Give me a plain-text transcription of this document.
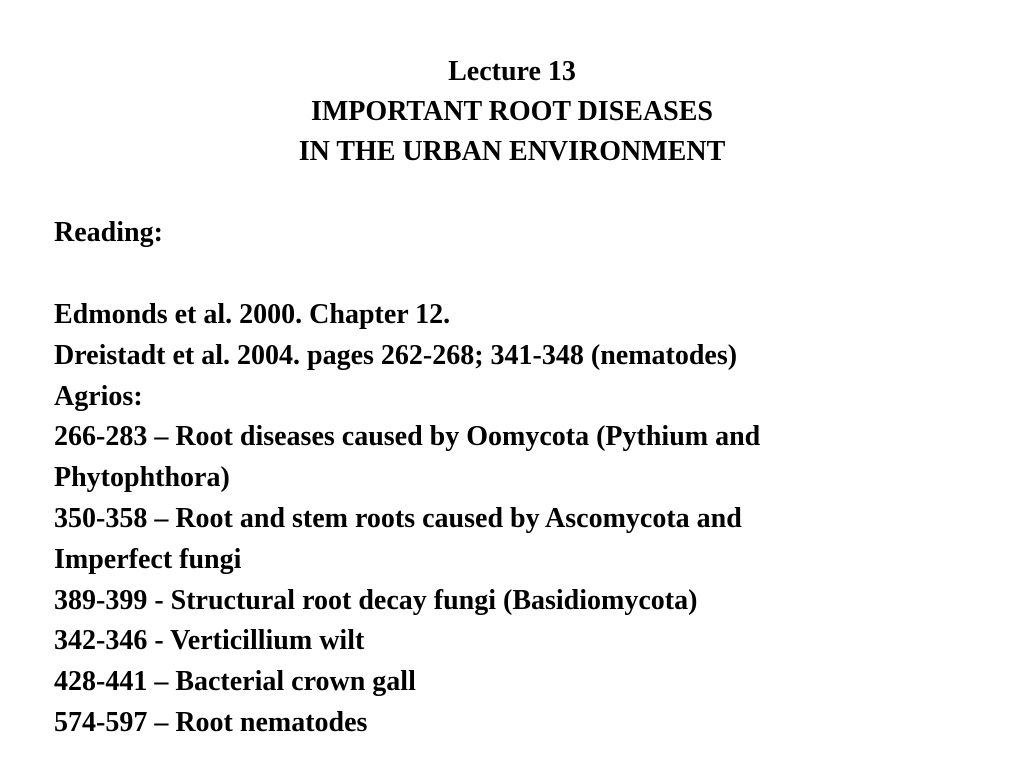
Lecture 13
IMPORTANT ROOT DISEASES
IN THE URBAN ENVIRONMENT
Reading:
Edmonds et al. 2000. Chapter 12.
Dreistadt et al. 2004. pages 262-268; 341-348 (nematodes)
Agrios:
266-283 – Root diseases caused by Oomycota (Pythium and
Phytophthora)
350-358 – Root and stem roots caused by Ascomycota and
Imperfect fungi
389-399 - Structural root decay fungi (Basidiomycota)
342-346 - Verticillium wilt
428-441 – Bacterial crown gall
574-597 – Root nematodes
